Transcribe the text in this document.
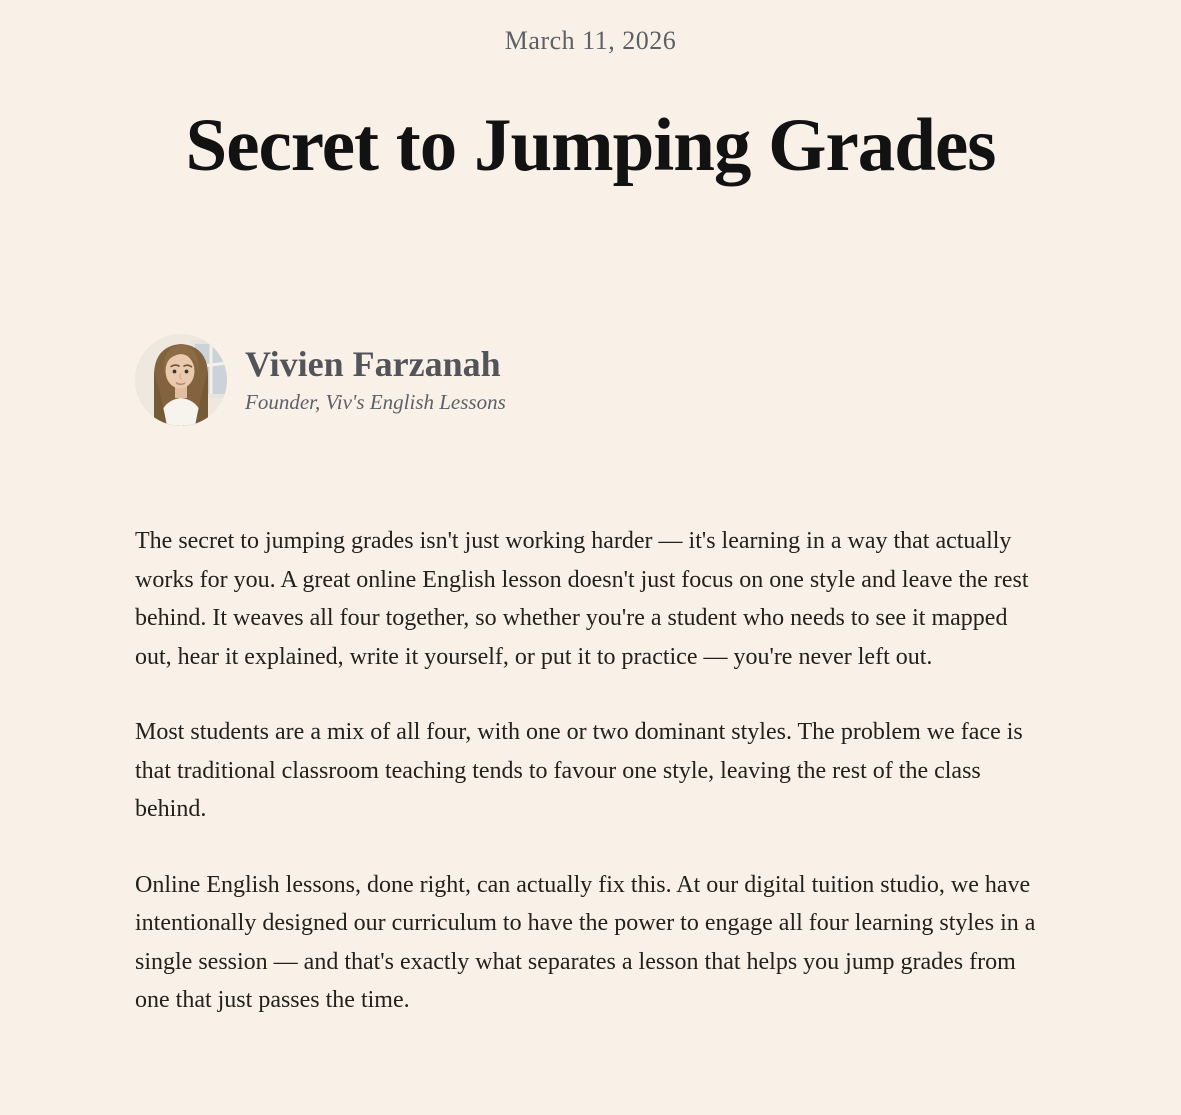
March 11, 2026
Secret to Jumping Grades
Vivien Farzanah
Founder, Viv's English Lessons

The secret to jumping grades isn't just working harder — it's learning in a way that actually works for you. A great online English lesson doesn't just focus on one style and leave the rest behind. It weaves all four together, so whether you're a student who needs to see it mapped out, hear it explained, write it yourself, or put it to practice — you're never left out.

Most students are a mix of all four, with one or two dominant styles. The problem we face is that traditional classroom teaching tends to favour one style, leaving the rest of the class behind.

Online English lessons, done right, can actually fix this. At our digital tuition studio, we have intentionally designed our curriculum to have the power to engage all four learning styles in a single session — and that's exactly what separates a lesson that helps you jump grades from one that just passes the time.
